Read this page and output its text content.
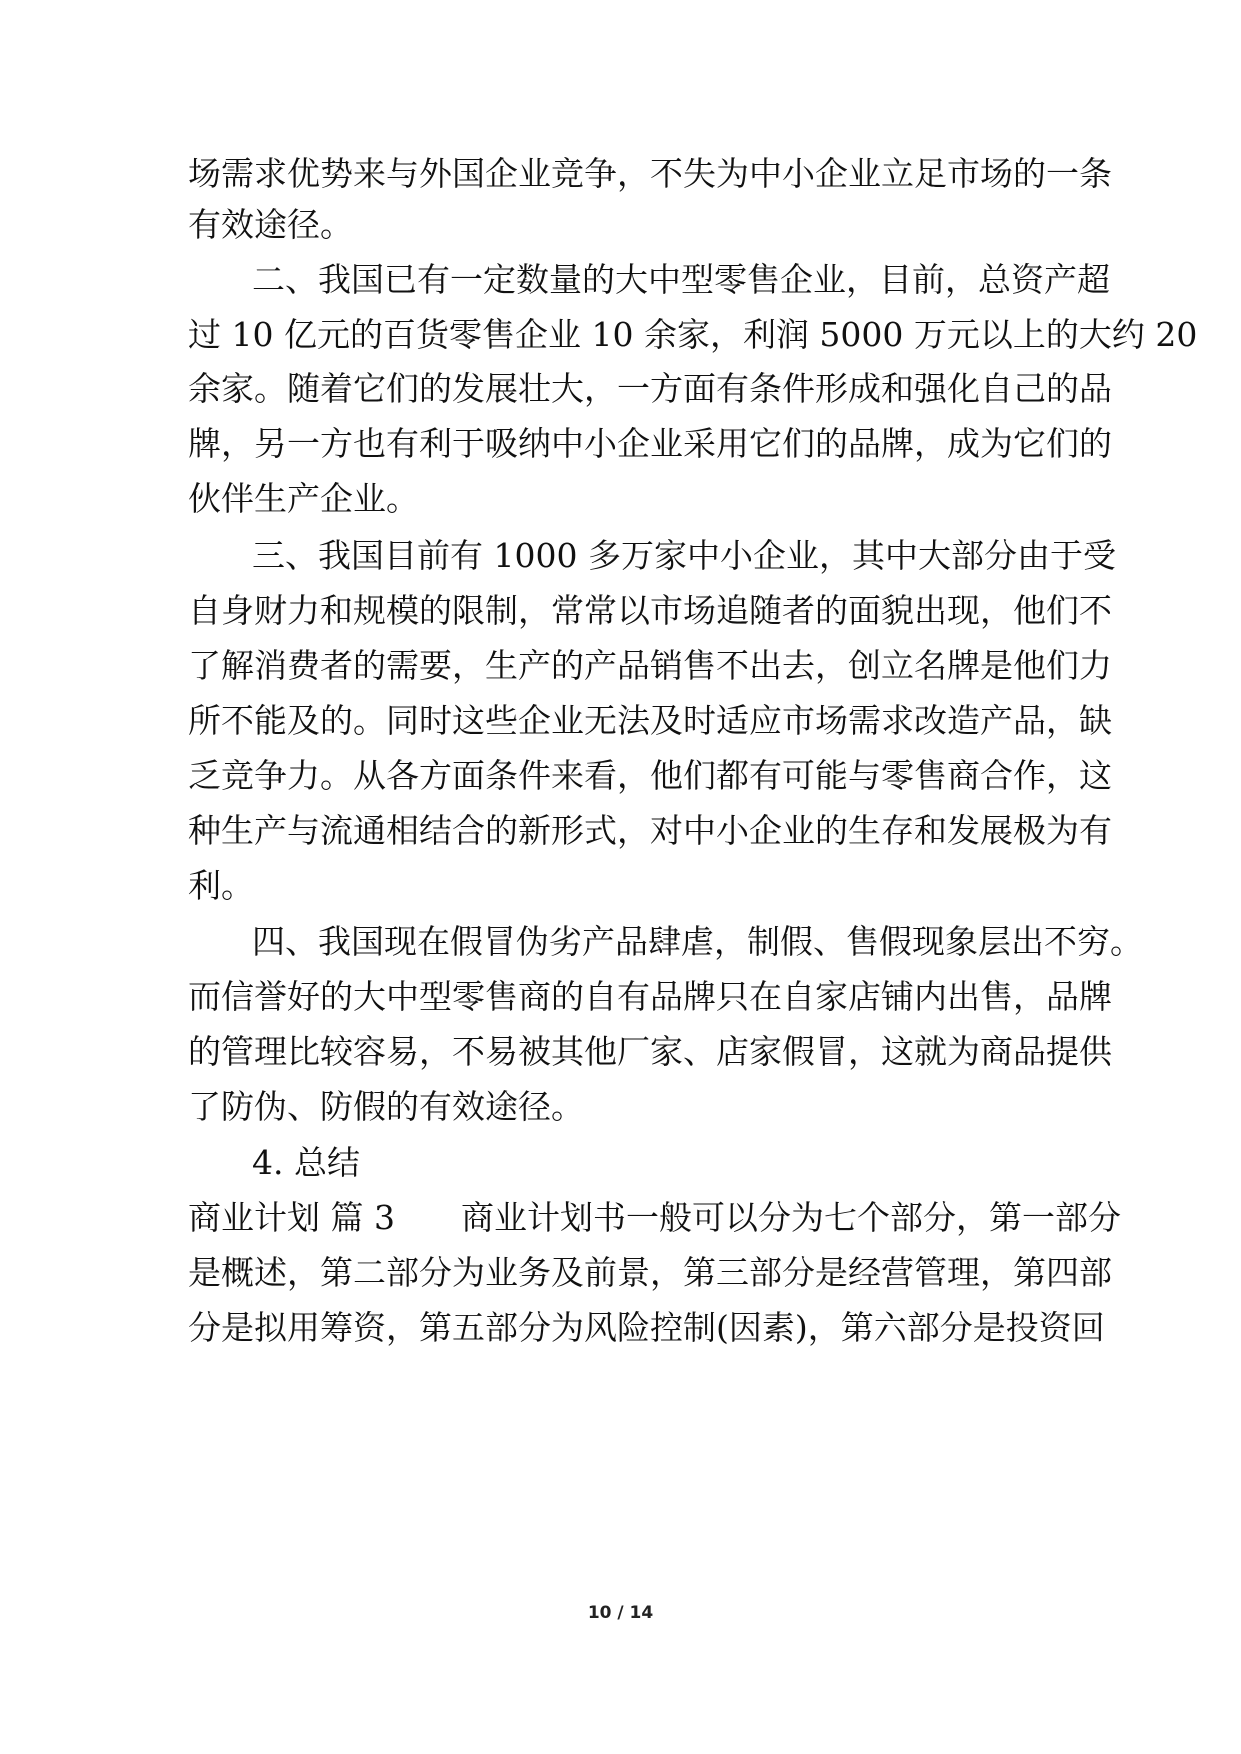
场需求优势来与外国企业竞争，不失为中小企业立足市场的一条
有效途径。
二、我国已有一定数量的大中型零售企业，目前，总资产超
过 10 亿元的百货零售企业 10 余家，利润 5000 万元以上的大约 20
余家。随着它们的发展壮大，一方面有条件形成和强化自己的品
牌，另一方也有利于吸纳中小企业采用它们的品牌，成为它们的
伙伴生产企业。
三、我国目前有 1000 多万家中小企业，其中大部分由于受
自身财力和规模的限制，常常以市场追随者的面貌出现，他们不
了解消费者的需要，生产的产品销售不出去，创立名牌是他们力
所不能及的。同时这些企业无法及时适应市场需求改造产品，缺
乏竞争力。从各方面条件来看，他们都有可能与零售商合作，这
种生产与流通相结合的新形式，对中小企业的生存和发展极为有
利。
四、我国现在假冒伪劣产品肆虐，制假、售假现象层出不穷。
而信誉好的大中型零售商的自有品牌只在自家店铺内出售，品牌
的管理比较容易，不易被其他厂家、店家假冒，这就为商品提供
了防伪、防假的有效途径。
4. 总结
商业计划 篇 3 商业计划书一般可以分为七个部分，第一部分
是概述，第二部分为业务及前景，第三部分是经营管理，第四部
分是拟用筹资，第五部分为风险控制(因素)，第六部分是投资回
10 / 14
